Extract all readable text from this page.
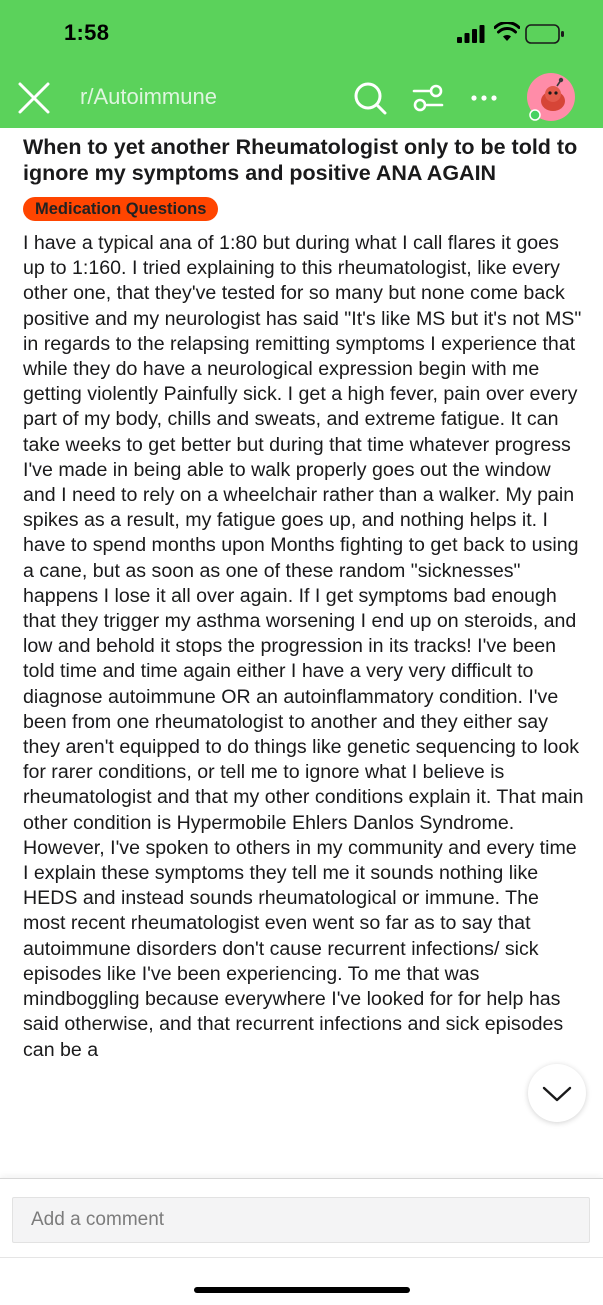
1:58
r/Autoimmune
When to yet another Rheumatologist only to be told to ignore my symptoms and positive ANA AGAIN
Medication Questions
I have a typical ana of 1:80 but during what I call flares it goes up to 1:160. I tried explaining to this rheumatologist, like every other one, that they've tested for so many but none come back positive and my neurologist has said "It's like MS but it's not MS" in regards to the relapsing remitting symptoms I experience that while they do have a neurological expression begin with me getting violently Painfully sick. I get a high fever, pain over every part of my body, chills and sweats, and extreme fatigue. It can take weeks to get better but during that time whatever progress I've made in being able to walk properly goes out the window and I need to rely on a wheelchair rather than a walker. My pain spikes as a result, my fatigue goes up, and nothing helps it. I have to spend months upon Months fighting to get back to using a cane, but as soon as one of these random "sicknesses" happens I lose it all over again. If I get symptoms bad enough that they trigger my asthma worsening I end up on steroids, and low and behold it stops the progression in its tracks! I've been told time and time again either I have a very very difficult to diagnose autoimmune OR an autoinflammatory condition. I've been from one rheumatologist to another and they either say they aren't equipped to do things like genetic sequencing to look for rarer conditions, or tell me to ignore what I believe is rheumatologist and that my other conditions explain it. That main other condition is Hypermobile Ehlers Danlos Syndrome. However, I've spoken to others in my community and every time I explain these symptoms they tell me it sounds nothing like HEDS and instead sounds rheumatological or immune. The most recent rheumatologist even went so far as to say that autoimmune disorders don't cause recurrent infections/ sick episodes like I've been experiencing. To me that was mindboggling because everywhere I've looked for for help has said otherwise, and that recurrent infections and sick episodes can be a
Add a comment
